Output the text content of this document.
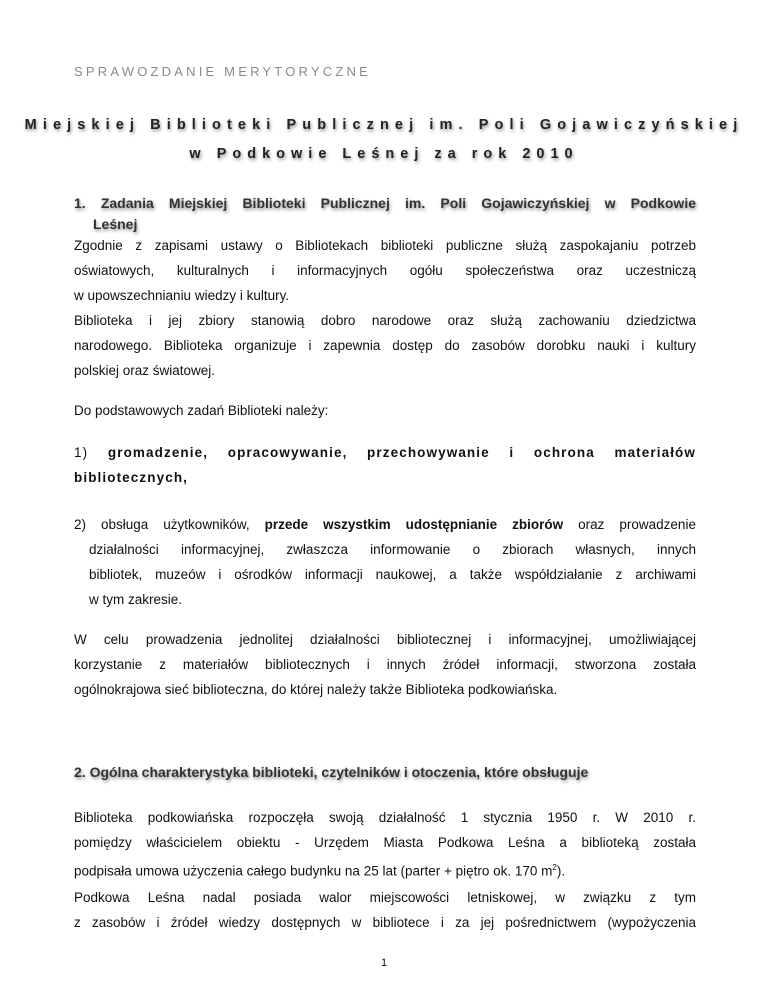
SPRAWOZDANIE MERYTORYCZNE
Miejskiej Biblioteki Publicznej im. Poli Gojawiczyńskiej
w Podkowie Leśnej za rok 2010
1. Zadania Miejskiej Biblioteki Publicznej im. Poli Gojawiczyńskiej w Podkowie
Leśnej
Zgodnie z zapisami ustawy o Bibliotekach biblioteki publiczne służą zaspokajaniu potrzeb
oświatowych, kulturalnych i informacyjnych ogółu społeczeństwa oraz uczestniczą
w upowszechnianiu wiedzy i kultury.
Biblioteka i jej zbiory stanowią dobro narodowe oraz służą zachowaniu dziedzictwa
narodowego. Biblioteka organizuje i zapewnia dostęp do zasobów dorobku nauki i kultury
polskiej oraz światowej.
Do podstawowych zadań Biblioteki należy:
1) gromadzenie, opracowywanie, przechowywanie i ochrona materiałów
bibliotecznych,
2) obsługa użytkowników, przede wszystkim udostępnianie zbiorów oraz prowadzenie
działalności informacyjnej, zwłaszcza informowanie o zbiorach własnych, innych
bibliotek, muzeów i ośrodków informacji naukowej, a także współdziałanie z archiwami
w tym zakresie.
W celu prowadzenia jednolitej działalności bibliotecznej i informacyjnej, umożliwiającej
korzystanie z materiałów bibliotecznych i innych źródeł informacji, stworzona została
ogólnokrajowa sieć biblioteczna, do której należy także Biblioteka podkowiańska.
2. Ogólna charakterystyka biblioteki, czytelników i otoczenia, które obsługuje
Biblioteka podkowiańska rozpoczęła swoją działalność 1 stycznia 1950 r. W 2010 r.
pomiędzy właścicielem obiektu - Urzędem Miasta Podkowa Leśna a biblioteką została
podpisała umowa użyczenia całego budynku na 25 lat (parter + piętro ok. 170 $m^2$).
Podkowa Leśna nadal posiada walor miejscowości letniskowej, w związku z tym
z zasobów i źródeł wiedzy dostępnych w bibliotece i za jej pośrednictwem (wypożyczenia
1
